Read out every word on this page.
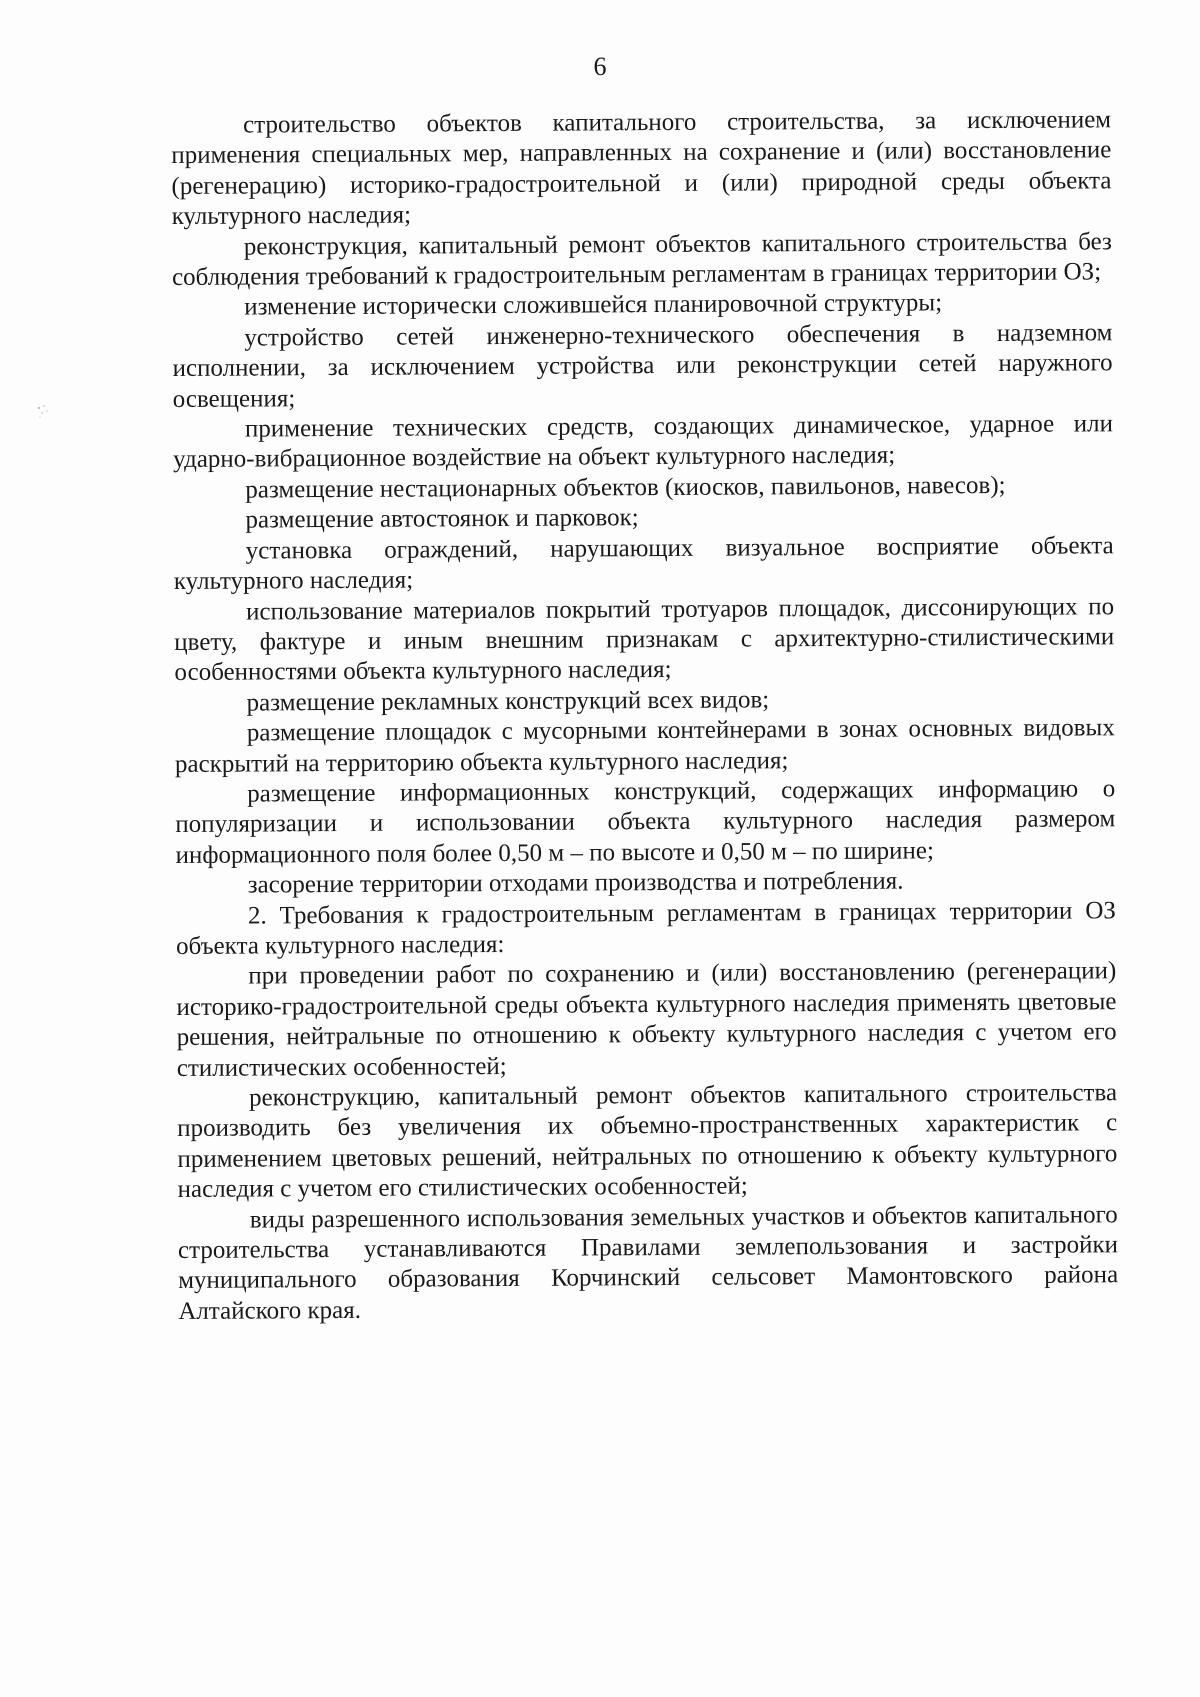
6

строительство объектов капитального строительства, за исключением применения специальных мер, направленных на сохранение и (или) восстановление (регенерацию) историко-градостроительной и (или) природной среды объекта культурного наследия;

реконструкция, капитальный ремонт объектов капитального строительства без соблюдения требований к градостроительным регламентам в границах территории ОЗ;

изменение исторически сложившейся планировочной структуры;

устройство сетей инженерно-технического обеспечения в надземном исполнении, за исключением устройства или реконструкции сетей наружного освещения;

применение технических средств, создающих динамическое, ударное или ударно-вибрационное воздействие на объект культурного наследия;

размещение нестационарных объектов (киосков, павильонов, навесов);

размещение автостоянок и парковок;

установка ограждений, нарушающих визуальное восприятие объекта культурного наследия;

использование материалов покрытий тротуаров площадок, диссонирующих по цвету, фактуре и иным внешним признакам с архитектурно-стилистическими особенностями объекта культурного наследия;

размещение рекламных конструкций всех видов;

размещение площадок с мусорными контейнерами в зонах основных видовых раскрытий на территорию объекта культурного наследия;

размещение информационных конструкций, содержащих информацию о популяризации и использовании объекта культурного наследия размером информационного поля более 0,50 м – по высоте и 0,50 м – по ширине;

засорение территории отходами производства и потребления.

2. Требования к градостроительным регламентам в границах территории ОЗ объекта культурного наследия:

при проведении работ по сохранению и (или) восстановлению (регенерации) историко-градостроительной среды объекта культурного наследия применять цветовые решения, нейтральные по отношению к объекту культурного наследия с учетом его стилистических особенностей;

реконструкцию, капитальный ремонт объектов капитального строительства производить без увеличения их объемно-пространственных характеристик с применением цветовых решений, нейтральных по отношению к объекту культурного наследия с учетом его стилистических особенностей;

виды разрешенного использования земельных участков и объектов капитального строительства устанавливаются Правилами землепользования и застройки муниципального образования Корчинский сельсовет Мамонтовского района Алтайского края.
